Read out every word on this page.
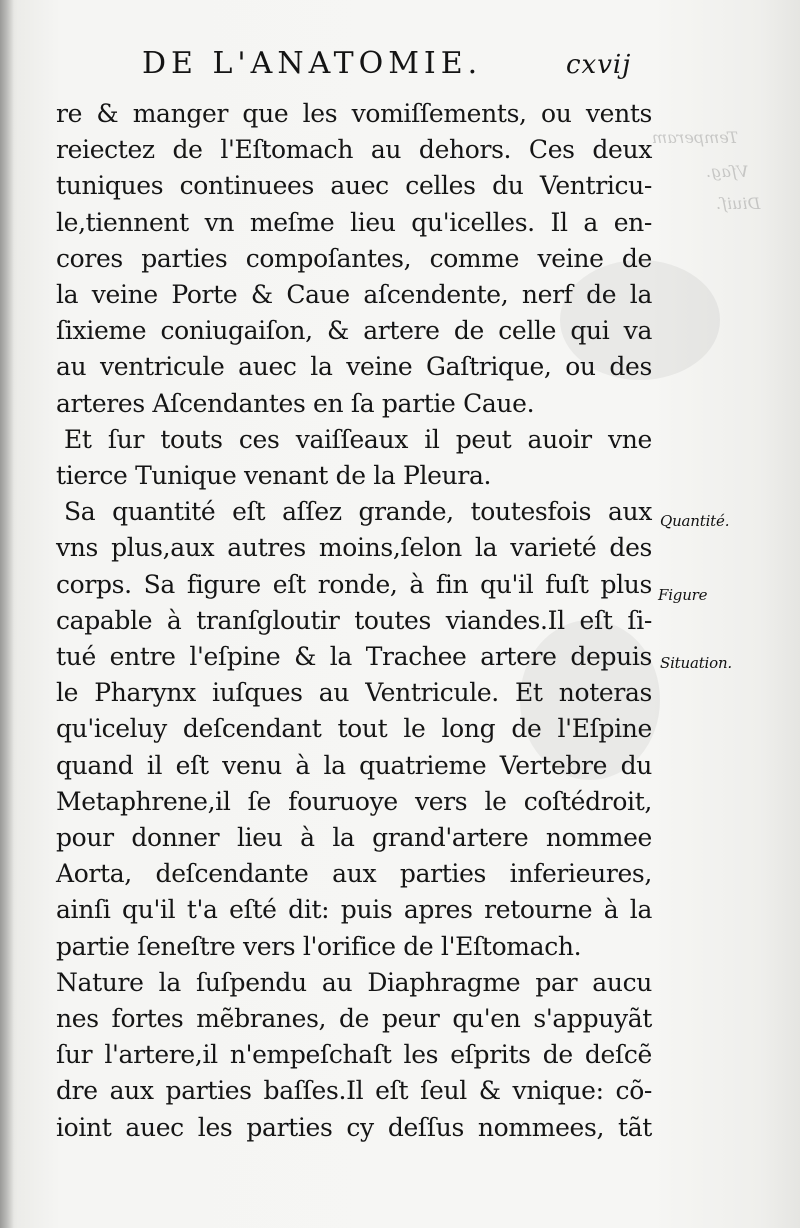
Temperam
Vſag.
Diuiſ.
DE L'ANATOMIE.	cxvij
re & manger que les vomiſſements, ou vents
reiectez de l'Eſtomach au dehors. Ces deux
tuniques continuees auec celles du Ventricu-
le,tiennent vn meſme lieu qu'icelles. Il a en-
cores parties compoſantes, comme veine de
la veine Porte & Caue aſcendente, nerf de la
ſixieme coniugaiſon, & artere de celle qui va
au ventricule auec la veine Gaſtrique, ou des
arteres Aſcendantes en ſa partie Caue.
Et ſur touts ces vaiſſeaux il peut auoir vne
tierce Tunique venant de la Pleura.
Sa quantité eſt aſſez grande, toutesfois aux
vns plus,aux autres moins,ſelon la varieté des
corps. Sa figure eſt ronde, à fin qu'il fuſt plus
capable à tranſgloutir toutes viandes.Il eſt ſi-
tué entre l'eſpine & la Trachee artere depuis
le Pharynx iuſques au Ventricule. Et noteras
qu'iceluy deſcendant tout le long de l'Eſpine
quand il eſt venu à la quatrieme Vertebre du
Metaphrene,il ſe fouruoye vers le coſtédroit,
pour donner lieu à la grand'artere nommee
Aorta, deſcendante aux parties inferieures,
ainſi qu'il t'a eſté dit: puis apres retourne à la
partie ſeneſtre vers l'orifice de l'Eſtomach.
Nature la ſuſpendu au Diaphragme par aucu
nes fortes mẽbranes, de peur qu'en s'appuyãt
ſur l'artere,il n'empeſchaſt les eſprits de deſcẽ
dre aux parties baſſes.Il eſt ſeul & vnique: cõ-
ioint auec les parties cy deſſus nommees, tãt
Quantité.
Figure
Situation.
